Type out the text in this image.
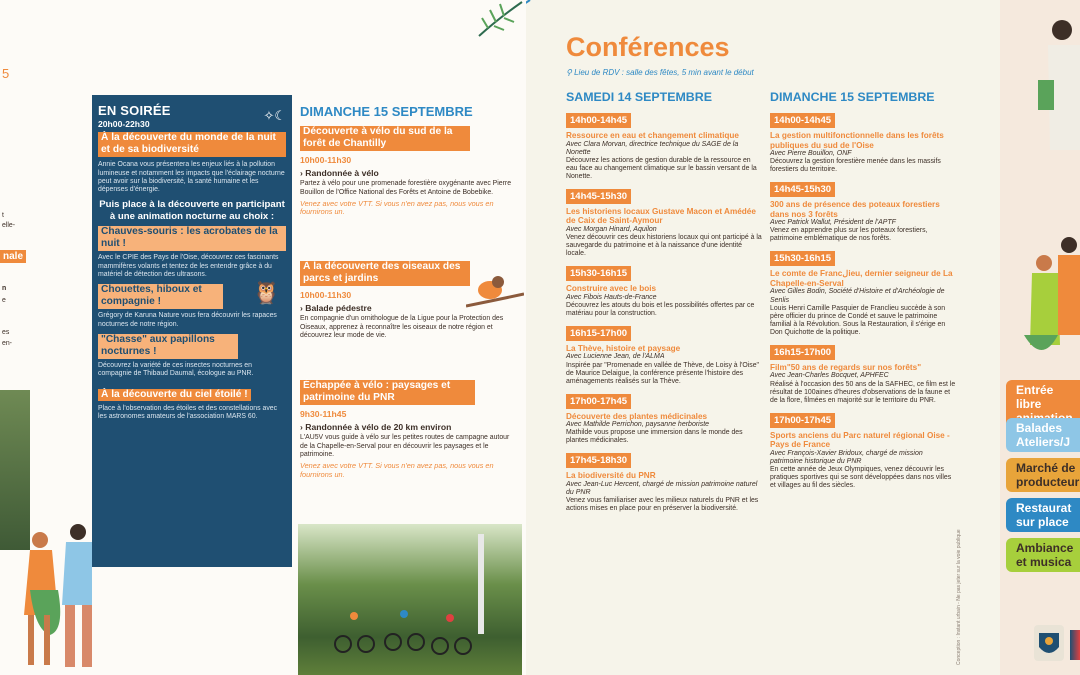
5
t
elle-
nale
n
e
es
en-
EN SOIRÉE
20h00-22h30
✧☾
À la découverte du monde de la nuit et de sa biodiversité

Annie Ocana vous présentera les enjeux liés à la pollution lumineuse et notamment les impacts que l'éclairage nocturne peut avoir sur la biodiversité, la santé humaine et les dépenses d'énergie.

Puis place à la découverte en participant à une animation nocturne au choix :

Chauves-souris : les acrobates de la nuit !

Avec le CPIE des Pays de l'Oise, découvrez ces fascinants mammifères volants et tentez de les entendre grâce à du matériel de détection des ultrasons.

Chouettes, hiboux et compagnie !	🦉

Grégory de Karuna Nature vous fera découvrir les rapaces nocturnes de notre région.

"Chasse" aux papillons nocturnes !

Découvrez la variété de ces insectes nocturnes en compagnie de Thibaud Daumal, écologue au PNR.

À la découverte du ciel étoilé !

Place à l'observation des étoiles et des constellations avec les astronomes amateurs de l'association MARS 60.

DIMANCHE 15 SEPTEMBRE
Découverte à vélo du sud de la forêt de Chantilly
10h00-11h30
› Randonnée à vélo

Partez à vélo pour une promenade forestière oxygénante avec Pierre Bouillon de l'Office National des Forêts et Antoine de Bobebike.

Venez avec votre VTT. Si vous n'en avez pas, nous vous en fournirons un.

À la découverte des oiseaux des parcs et jardins
10h00-11h30
› Balade pédestre

En compagnie d'un ornithologue de la Ligue pour la Protection des Oiseaux, apprenez à reconnaître les oiseaux de notre région et découvrez leur mode de vie.

Échappée à vélo : paysages et patrimoine du PNR
9h30-11h45
› Randonnée à vélo de 20 km environ

L'AU5V vous guide à vélo sur les petites routes de campagne autour de la Chapelle-en-Serval pour en découvrir les paysages et le patrimoine.

Venez avec votre VTT. Si vous n'en avez pas, nous vous en fournirons un.

Conférences
⚲ Lieu de RDV : salle des fêtes, 5 min avant le début
SAMEDI 14 SEPTEMBRE
14h00-14h45
Ressource en eau et changement climatique
Avec Clara Morvan, directrice technique du SAGE de la Nonette

Découvrez les actions de gestion durable de la ressource en eau face au changement climatique sur le bassin versant de la Nonette.

14h45-15h30
Les historiens locaux Gustave Macon et Amédée de Caix de Saint-Aymour
Avec Morgan Hinard, Aquilon

Venez découvrir ces deux historiens locaux qui ont participé à la sauvegarde du patrimoine et à la naissance d'une identité locale.

15h30-16h15
Construire avec le bois
Avec Fibois Hauts-de-France

Découvrez les atouts du bois et les possibilités offertes par ce matériau pour la construction.

16h15-17h00
La Thève, histoire et paysage
Avec Lucienne Jean, de l'ALMA

Inspirée par "Promenade en vallée de Thève, de Loisy à l'Oise" de Maurice Delaigue, la conférence présente l'histoire des aménagements réalisés sur la Thève.

17h00-17h45
Découverte des plantes médicinales
Avec Mathilde Perrichon, paysanne herboriste

Mathilde vous propose une immersion dans le monde des plantes médicinales.

17h45-18h30
La biodiversité du PNR
Avec Jean-Luc Hercent, chargé de mission patrimoine naturel du PNR

Venez vous familiariser avec les milieux naturels du PNR et les actions mises en place pour en préserver la biodiversité.

DIMANCHE 15 SEPTEMBRE
14h00-14h45
La gestion multifonctionnelle dans les forêts publiques du sud de l'Oise
Avec Pierre Bouillon, ONF

Découvrez la gestion forestière menée dans les massifs forestiers du territoire.

14h45-15h30
300 ans de présence des poteaux forestiers dans nos 3 forêts
Avec Patrick Wallut, Président de l'APTF

Venez en apprendre plus sur les poteaux forestiers, patrimoine emblématique de nos forêts.

15h30-16h15
Le comte de Francلieu, dernier seigneur de La Chapelle-en-Serval
Avec Gilles Bodin, Société d'Histoire et d'Archéologie de Senlis

Louis Henri Camille Pasquier de Franclieu succède à son père officier du prince de Condé et sauve le patrimoine familial à la Révolution. Sous la Restauration, il s'érige en Don Quichotte de la politique.

16h15-17h00
Film"50 ans de regards sur nos forêts"
Avec Jean-Charles Bocquet, APHFEC

Réalisé à l'occasion des 50 ans de la SAFHEC, ce film est le résultat de 100aines d'heures d'observations de la faune et de la flore, filmées en majorité sur le territoire du PNR.

17h00-17h45
Sports anciens du Parc naturel régional Oise - Pays de France
Avec François-Xavier Bridoux, chargé de mission patrimoine historique du PNR

En cette année de Jeux Olympiques, venez découvrir les pratiques sportives qui se sont développées dans nos villes et villages au fil des siècles.

Conception : Instant urbain - Ne pas jeter sur la voie publique
Entrée libre
Balades Ateliers/J
Marché de producteur
Restaurat sur place
Ambiance et musica
